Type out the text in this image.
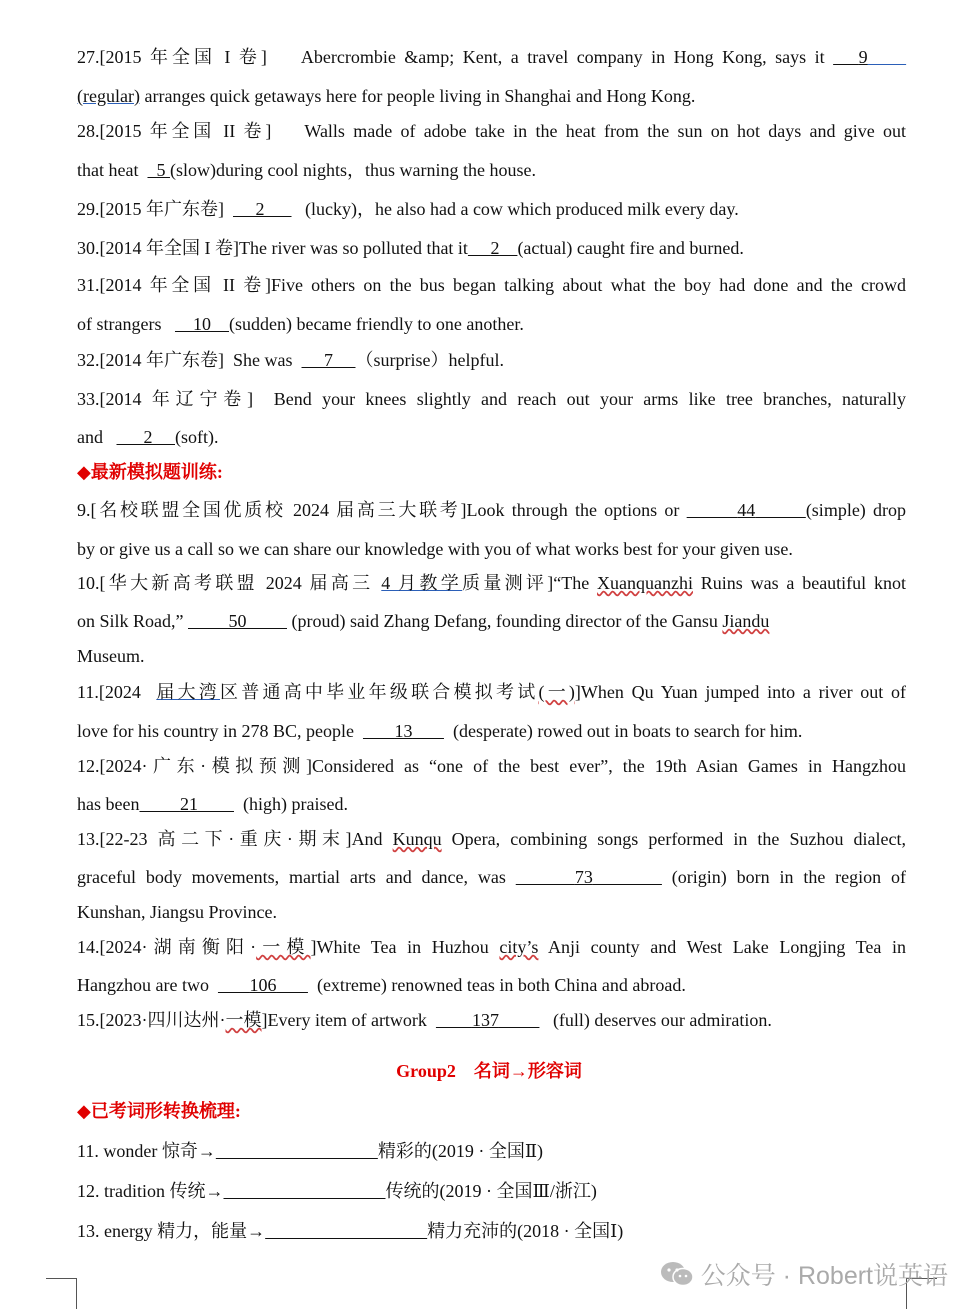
27.[2015 年全国 I 卷] Abercrombie &amp; Kent, a travel company in Hong Kong, says it 9
(regular) arranges quick getaways here for people living in Shanghai and Hong Kong.
28.[2015 年全国 II 卷] Walls made of adobe take in the heat from the sun on hot days and give out
that heat 5 (slow)during cool nights，thus warning the house.
29.[2015 年广东卷] 2 (lucky)，he also had a cow which produced milk every day.
30.[2014 年全国 I 卷]The river was so polluted that it 2 (actual) caught fire and burned.
31.[2014 年全国 II 卷]Five others on the bus began talking about what the boy had done and the crowd
of strangers 10 (sudden) became friendly to one another.
32.[2014 年广东卷] She was 7 （surprise）helpful.
33.[2014 年辽宁卷] Bend your knees slightly and reach out your arms like tree branches, naturally
and 2 (soft).
◆最新模拟题训练:
9.[名校联盟全国优质校 2024 届高三大联考]Look through the options or	44	(simple) drop
by or give us a call so we can share our knowledge with you of what works best for your given use.
10.[华大新高考联盟 2024 届高三 4 月教学质量测评]“The Xuanquanzhi Ruins was a beautiful knot
on Silk Road,”	50	(proud) said Zhang Defang, founding director of the Gansu Jiandu
Museum.
11.[2024  届大湾区普通高中毕业年级联合模拟考试(一)]When Qu Yuan jumped into a river out of
love for his country in 278 BC, people 13 (desperate) rowed out in boats to search for him.
12.[2024·广东·模拟预测]Considered as “one of the best ever”, the 19th Asian Games in Hangzhou
has been 21	(high) praised.
13.[22-23 高二下·重庆·期末]And Kunqu Opera, combining songs performed in the Suzhou dialect,
graceful body movements, martial arts and dance, was	73	(origin) born in the region of
Kunshan, Jiangsu Province.
14.[2024·湖南衡阳·一模]White Tea in Huzhou city’s Anji county and West Lake Longjing Tea in
Hangzhou are two 106 (extreme) renowned teas in both China and abroad.
15.[2023·四川达州·一模]Every item of artwork	137	(full) deserves our admiration.
Group2　名词→形容词
◆已考词形转换梳理:
11. wonder 惊奇→	精彩的(2019 · 全国Ⅱ)
12. tradition 传统→	传统的(2019 · 全国Ⅲ/浙江)
13. energy 精力，能量→	精力充沛的(2018 · 全国Ⅰ)
公众号 · Robert说英语
